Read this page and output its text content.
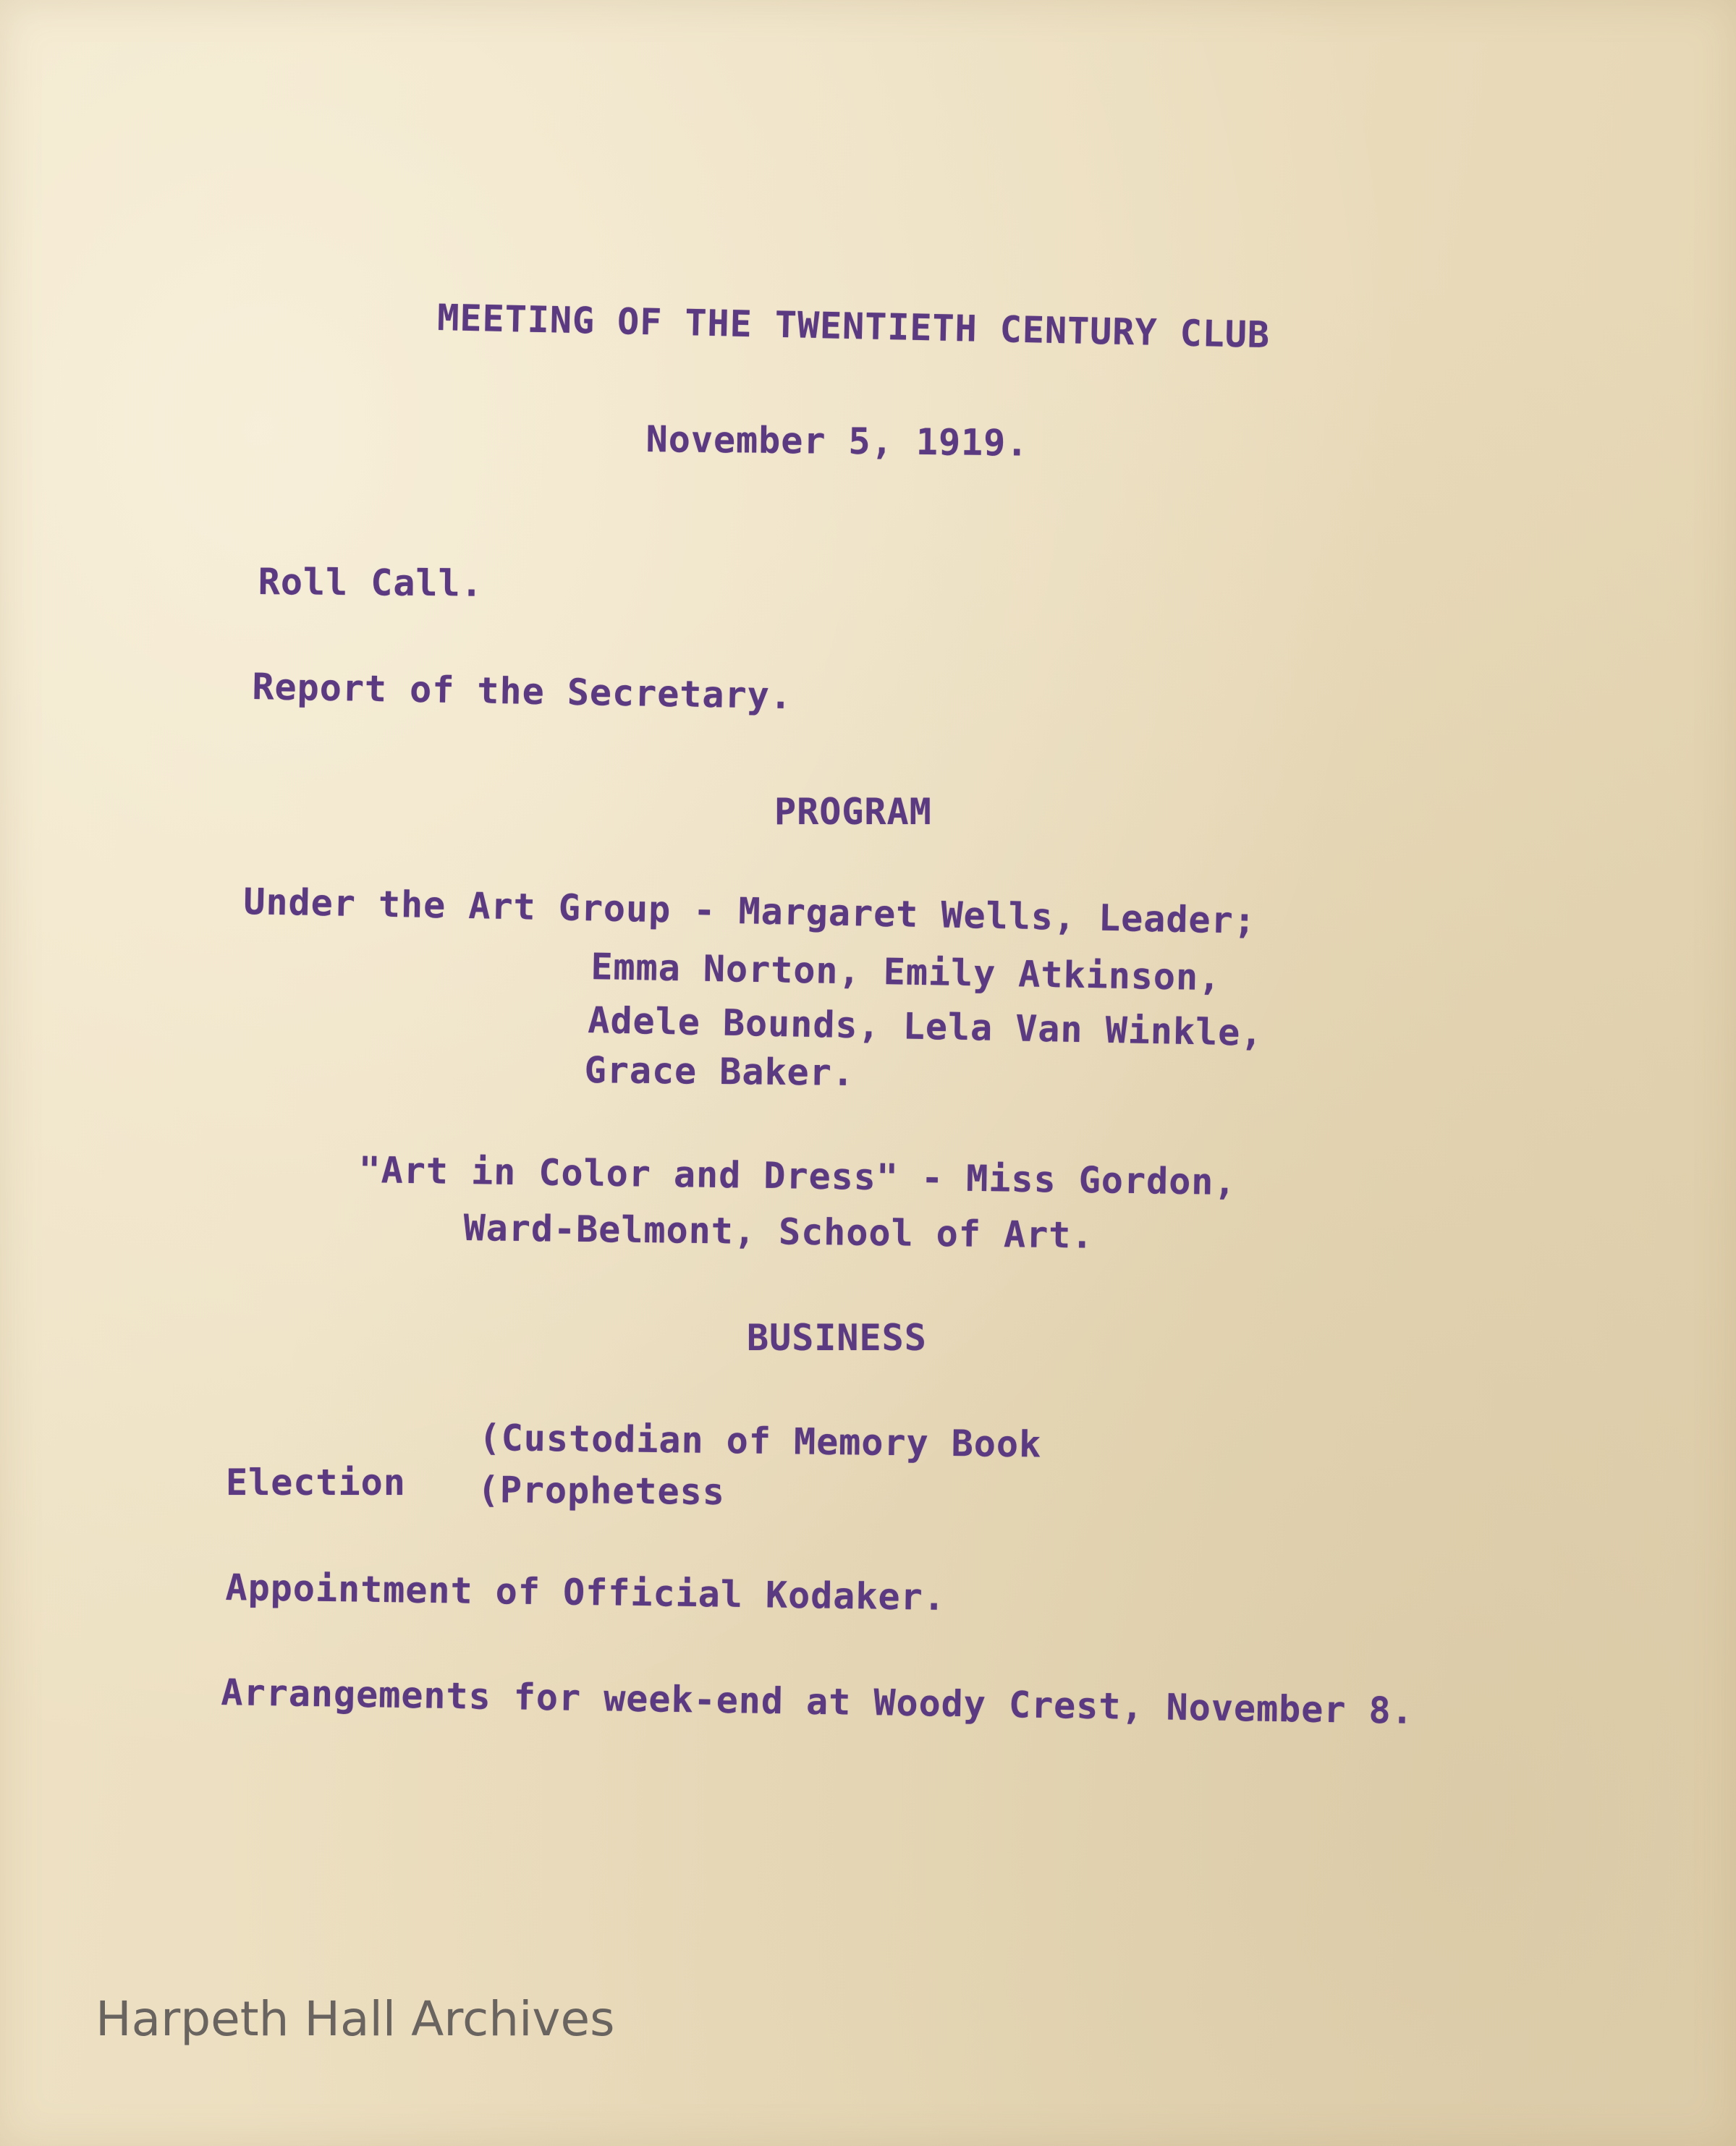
MEETING OF THE TWENTIETH CENTURY CLUB
November 5, 1919.
Roll Call.
Report of the Secretary.
PROGRAM
Under the Art Group - Margaret Wells, Leader;
Emma Norton, Emily Atkinson,
Adele Bounds, Lela Van Winkle,
Grace Baker.
"Art in Color and Dress" - Miss Gordon,
Ward-Belmont, School of Art.
BUSINESS
(Custodian of Memory Book
Election (Prophetess
Appointment of Official Kodaker.
Arrangements for week-end at Woody Crest, November 8.
Harpeth Hall Archives
